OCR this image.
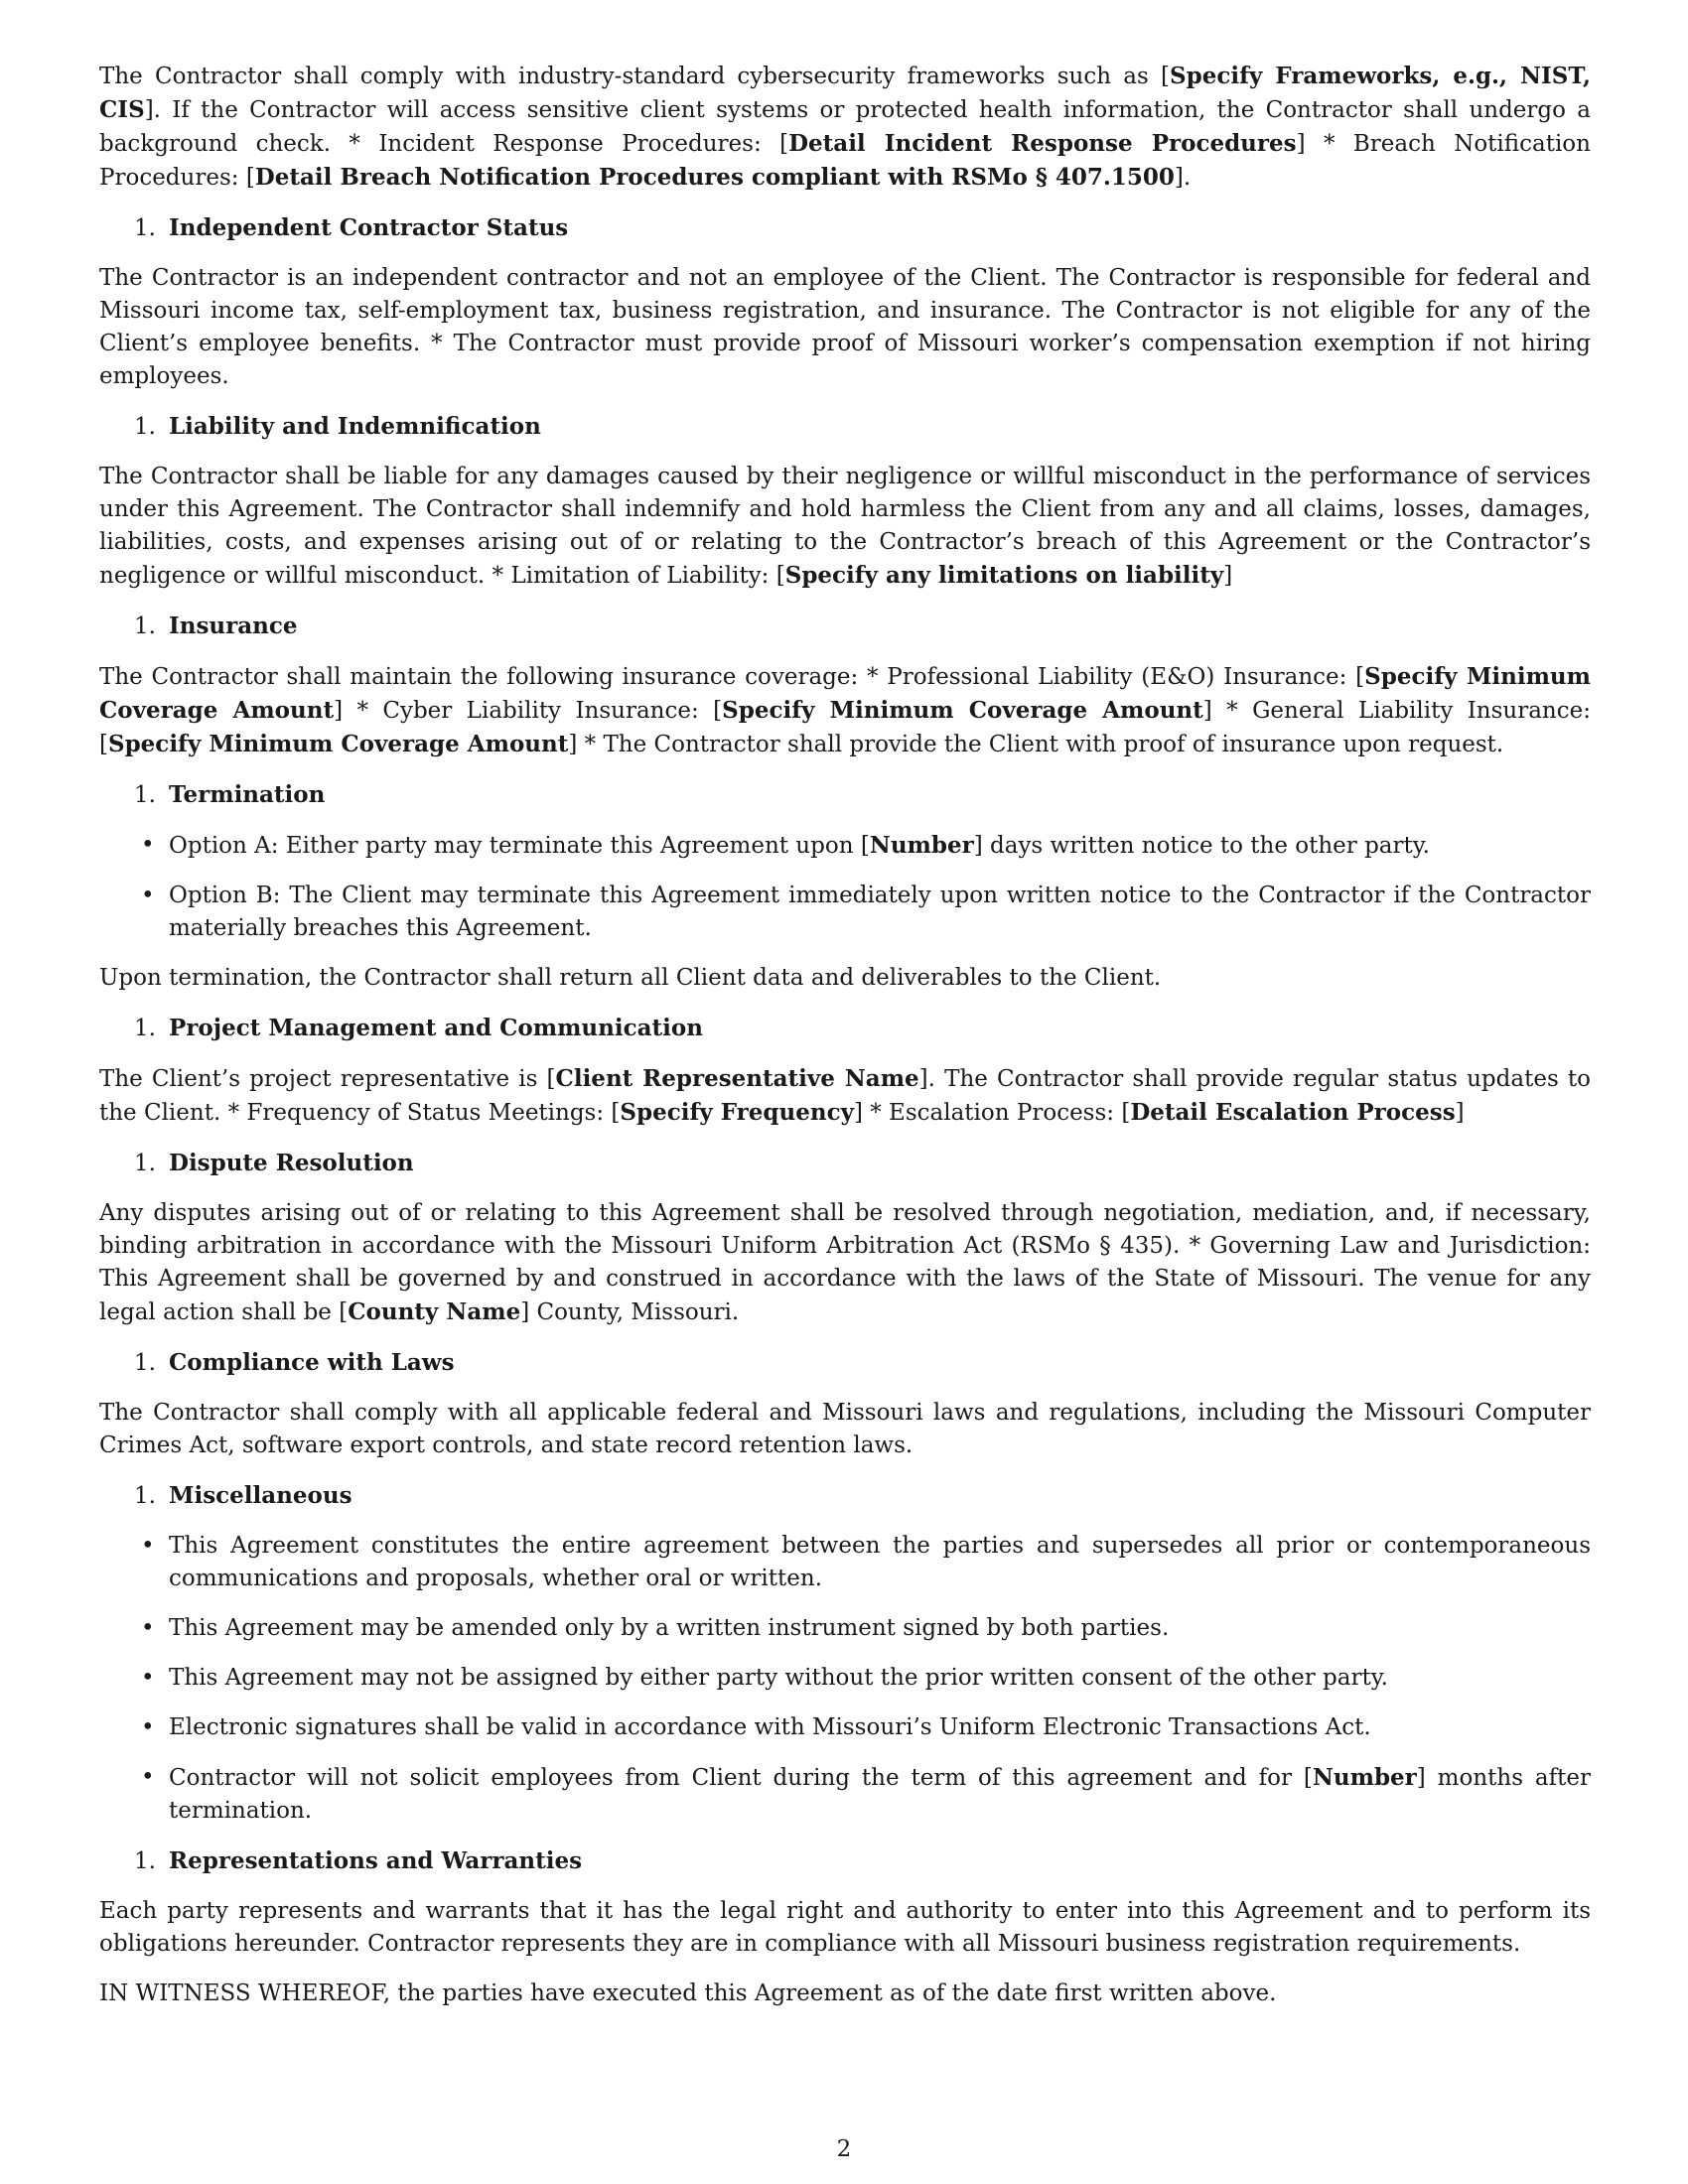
The Contractor shall comply with industry-standard cybersecurity frameworks such as [Specify Frameworks, e.g., NIST, CIS]. If the Contractor will access sensitive client systems or protected health information, the Contractor shall undergo a background check. * Incident Response Procedures: [Detail Incident Response Procedures] * Breach Notification Procedures: [Detail Breach Notification Procedures compliant with RSMo § 407.1500].

1. Independent Contractor Status

The Contractor is an independent contractor and not an employee of the Client. The Contractor is responsible for federal and Missouri income tax, self-employment tax, business registration, and insurance. The Contractor is not eligible for any of the Client’s employee benefits. * The Contractor must provide proof of Missouri worker’s compensation exemption if not hiring employees.

1. Liability and Indemnification

The Contractor shall be liable for any damages caused by their negligence or willful misconduct in the performance of services under this Agreement. The Contractor shall indemnify and hold harmless the Client from any and all claims, losses, damages, liabilities, costs, and expenses arising out of or relating to the Contractor’s breach of this Agreement or the Contractor’s negligence or willful misconduct. * Limitation of Liability: [Specify any limitations on liability]

1. Insurance

The Contractor shall maintain the following insurance coverage: * Professional Liability (E&O) Insurance: [Specify Minimum Coverage Amount] * Cyber Liability Insurance: [Specify Minimum Coverage Amount] * General Liability Insurance: [Specify Minimum Coverage Amount] * The Contractor shall provide the Client with proof of insurance upon request.

1. Termination
• Option A: Either party may terminate this Agreement upon [Number] days written notice to the other party.
• Option B: The Client may terminate this Agreement immediately upon written notice to the Contractor if the Contractor materially breaches this Agreement.

Upon termination, the Contractor shall return all Client data and deliverables to the Client.

1. Project Management and Communication

The Client’s project representative is [Client Representative Name]. The Contractor shall provide regular status updates to the Client. * Frequency of Status Meetings: [Specify Frequency] * Escalation Process: [Detail Escalation Process]

1. Dispute Resolution

Any disputes arising out of or relating to this Agreement shall be resolved through negotiation, mediation, and, if necessary, binding arbitration in accordance with the Missouri Uniform Arbitration Act (RSMo § 435). * Governing Law and Jurisdiction: This Agreement shall be governed by and construed in accordance with the laws of the State of Missouri. The venue for any legal action shall be [County Name] County, Missouri.

1. Compliance with Laws

The Contractor shall comply with all applicable federal and Missouri laws and regulations, including the Missouri Computer Crimes Act, software export controls, and state record retention laws.

1. Miscellaneous
• This Agreement constitutes the entire agreement between the parties and supersedes all prior or contemporaneous communications and proposals, whether oral or written.
• This Agreement may be amended only by a written instrument signed by both parties.
• This Agreement may not be assigned by either party without the prior written consent of the other party.
• Electronic signatures shall be valid in accordance with Missouri’s Uniform Electronic Transactions Act.
• Contractor will not solicit employees from Client during the term of this agreement and for [Number] months after termination.
1. Representations and Warranties

Each party represents and warrants that it has the legal right and authority to enter into this Agreement and to perform its obligations hereunder. Contractor represents they are in compliance with all Missouri business registration requirements.

IN WITNESS WHEREOF, the parties have executed this Agreement as of the date first written above.

2
